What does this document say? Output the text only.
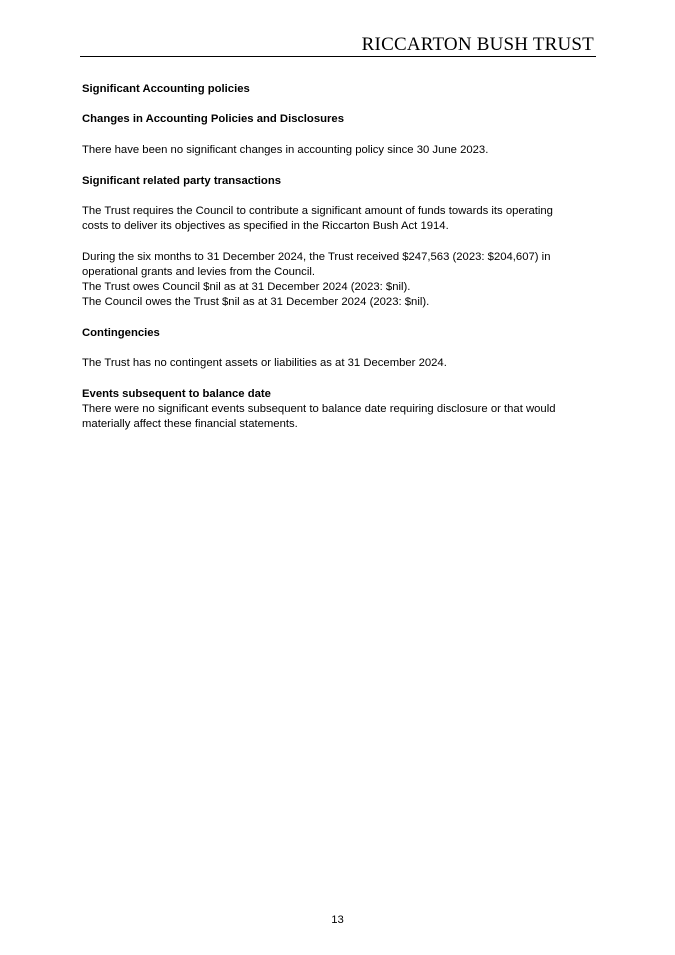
RICCARTON BUSH TRUST
Significant Accounting policies
Changes in Accounting Policies and Disclosures
There have been no significant changes in accounting policy since 30 June 2023.
Significant related party transactions
The Trust requires the Council to contribute a significant amount of funds towards its operating
costs to deliver its objectives as specified in the Riccarton Bush Act 1914.
During the six months to 31 December 2024, the Trust received $247,563 (2023: $204,607) in
operational grants and levies from the Council.
The Trust owes Council $nil as at 31 December 2024 (2023: $nil).
The Council owes the Trust $nil as at 31 December 2024 (2023: $nil).
Contingencies
The Trust has no contingent assets or liabilities as at 31 December 2024.
Events subsequent to balance date
There were no significant events subsequent to balance date requiring disclosure or that would
materially affect these financial statements.
13
